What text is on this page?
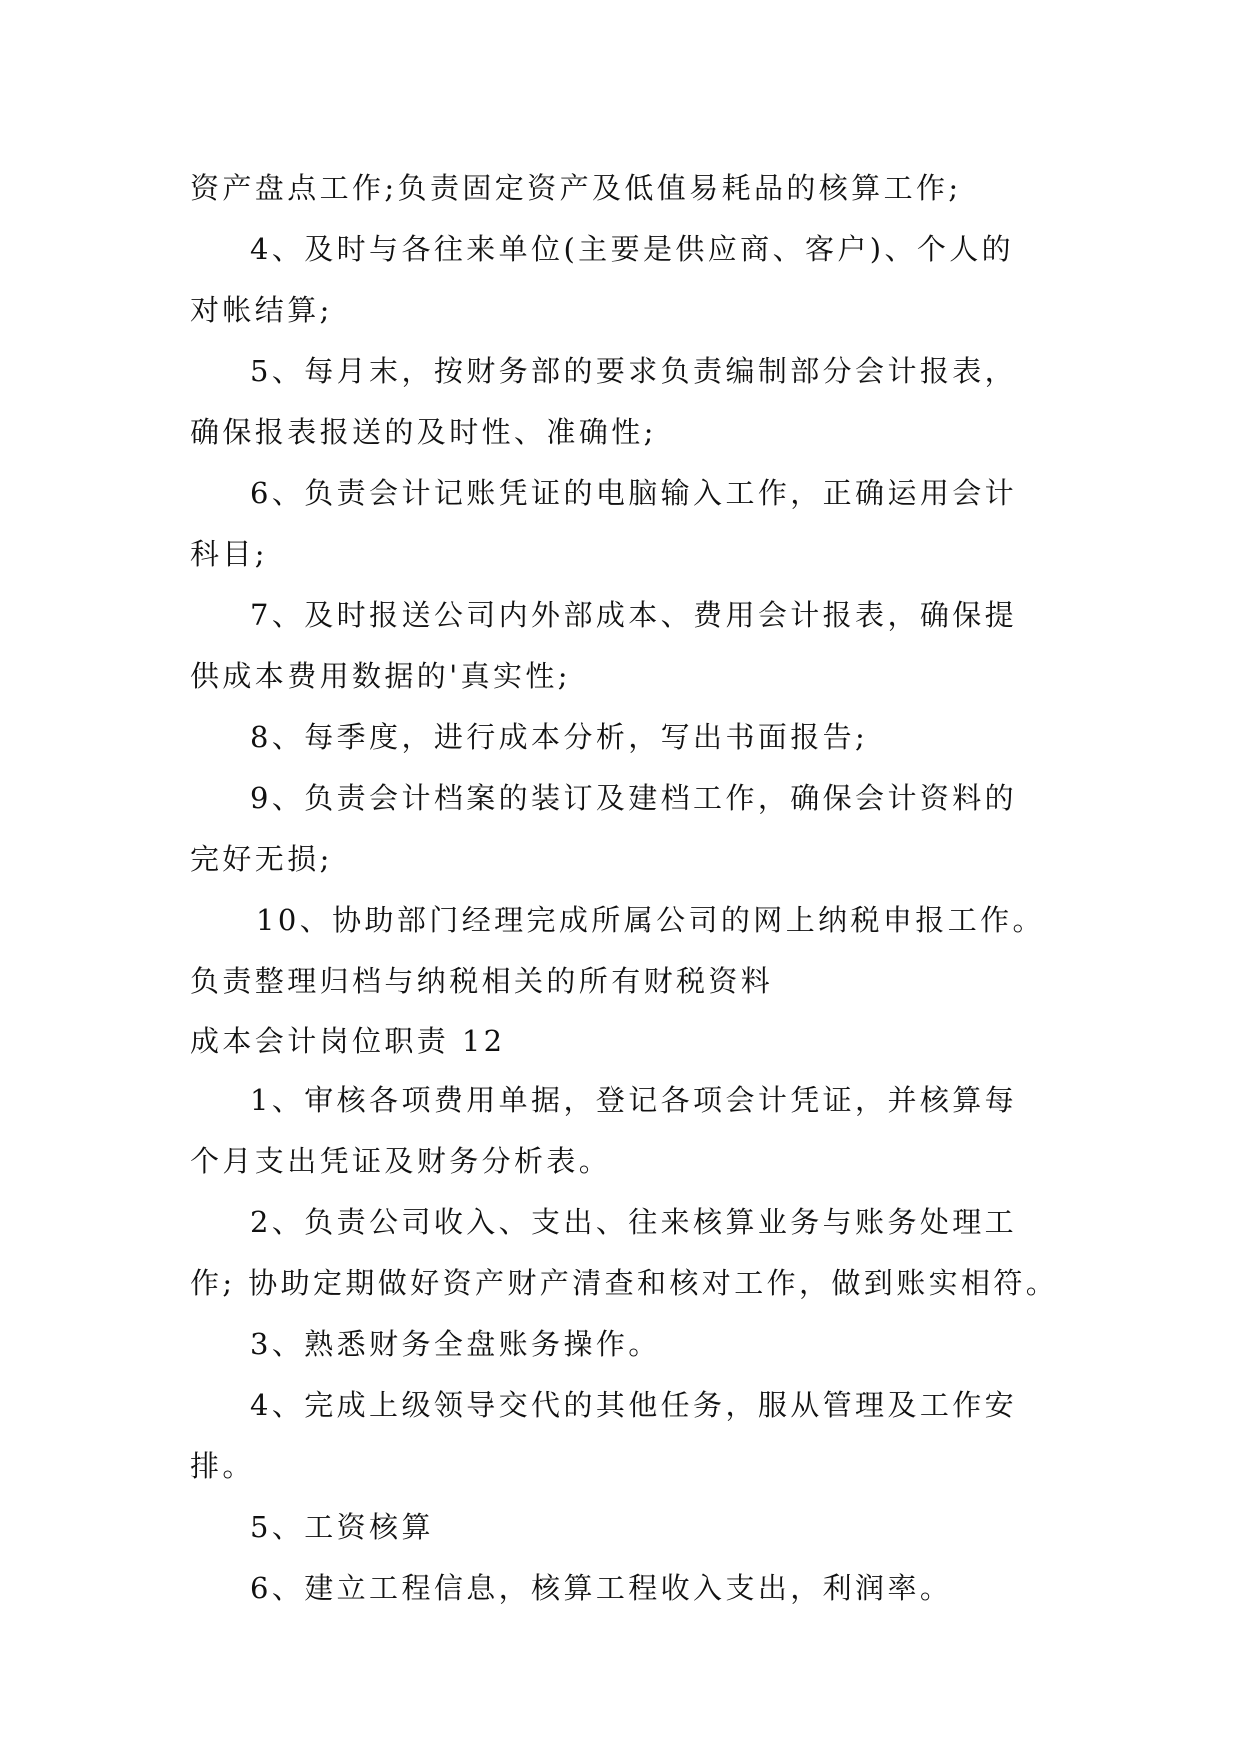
资产盘点工作;负责固定资产及低值易耗品的核算工作;
4、及时与各往来单位(主要是供应商、客户)、个人的
对帐结算;
5、每月末，按财务部的要求负责编制部分会计报表，
确保报表报送的及时性、准确性;
6、负责会计记账凭证的电脑输入工作，正确运用会计
科目;
7、及时报送公司内外部成本、费用会计报表，确保提
供成本费用数据的'真实性;
8、每季度，进行成本分析，写出书面报告;
9、负责会计档案的装订及建档工作，确保会计资料的
完好无损;
10、协助部门经理完成所属公司的网上纳税申报工作。
负责整理归档与纳税相关的所有财税资料
成本会计岗位职责 12
1、审核各项费用单据，登记各项会计凭证，并核算每
个月支出凭证及财务分析表。
2、负责公司收入、支出、往来核算业务与账务处理工
作; 协助定期做好资产财产清查和核对工作，做到账实相符。
3、熟悉财务全盘账务操作。
4、完成上级领导交代的其他任务，服从管理及工作安
排。
5、工资核算
6、建立工程信息，核算工程收入支出，利润率。
